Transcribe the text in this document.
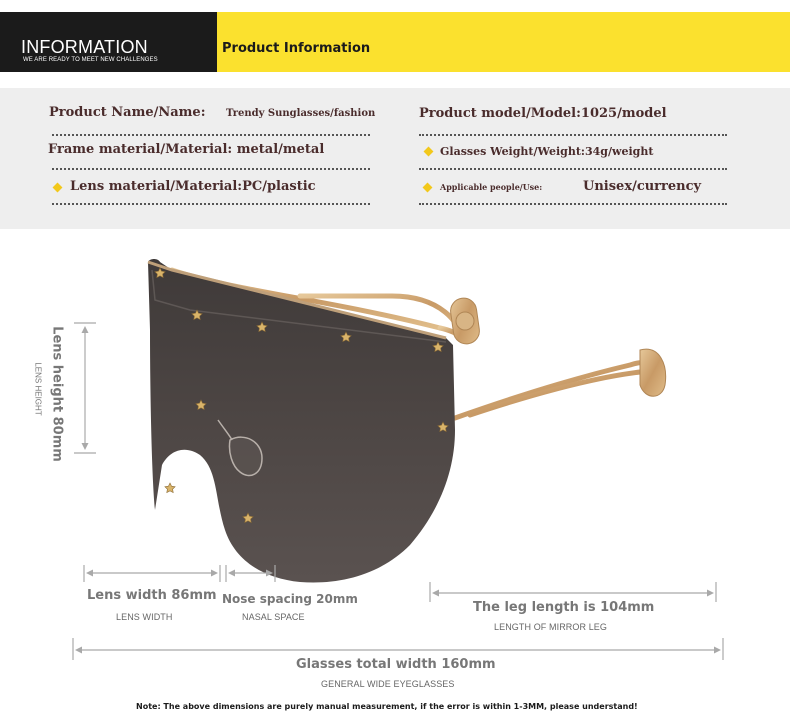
INFORMATION
WE ARE READY TO MEET NEW CHALLENGES
Product Information
Product Name/Name: Trendy Sunglasses/fashion	Product model/Model:1025/model
Frame material/Material: metal/metal	Glasses Weight/Weight:34g/weight
Lens material/Material:PC/plastic	Applicable people/Use:	Unisex/currency
Lens height 80mm
LENS HEIGHT
Lens width 86mm
LENS WIDTH
Nose spacing 20mm
NASAL SPACE
The leg length is 104mm
LENGTH OF MIRROR LEG
Glasses total width 160mm
GENERAL WIDE EYEGLASSES
Note: The above dimensions are purely manual measurement, if the error is within 1-3MM, please understand!
